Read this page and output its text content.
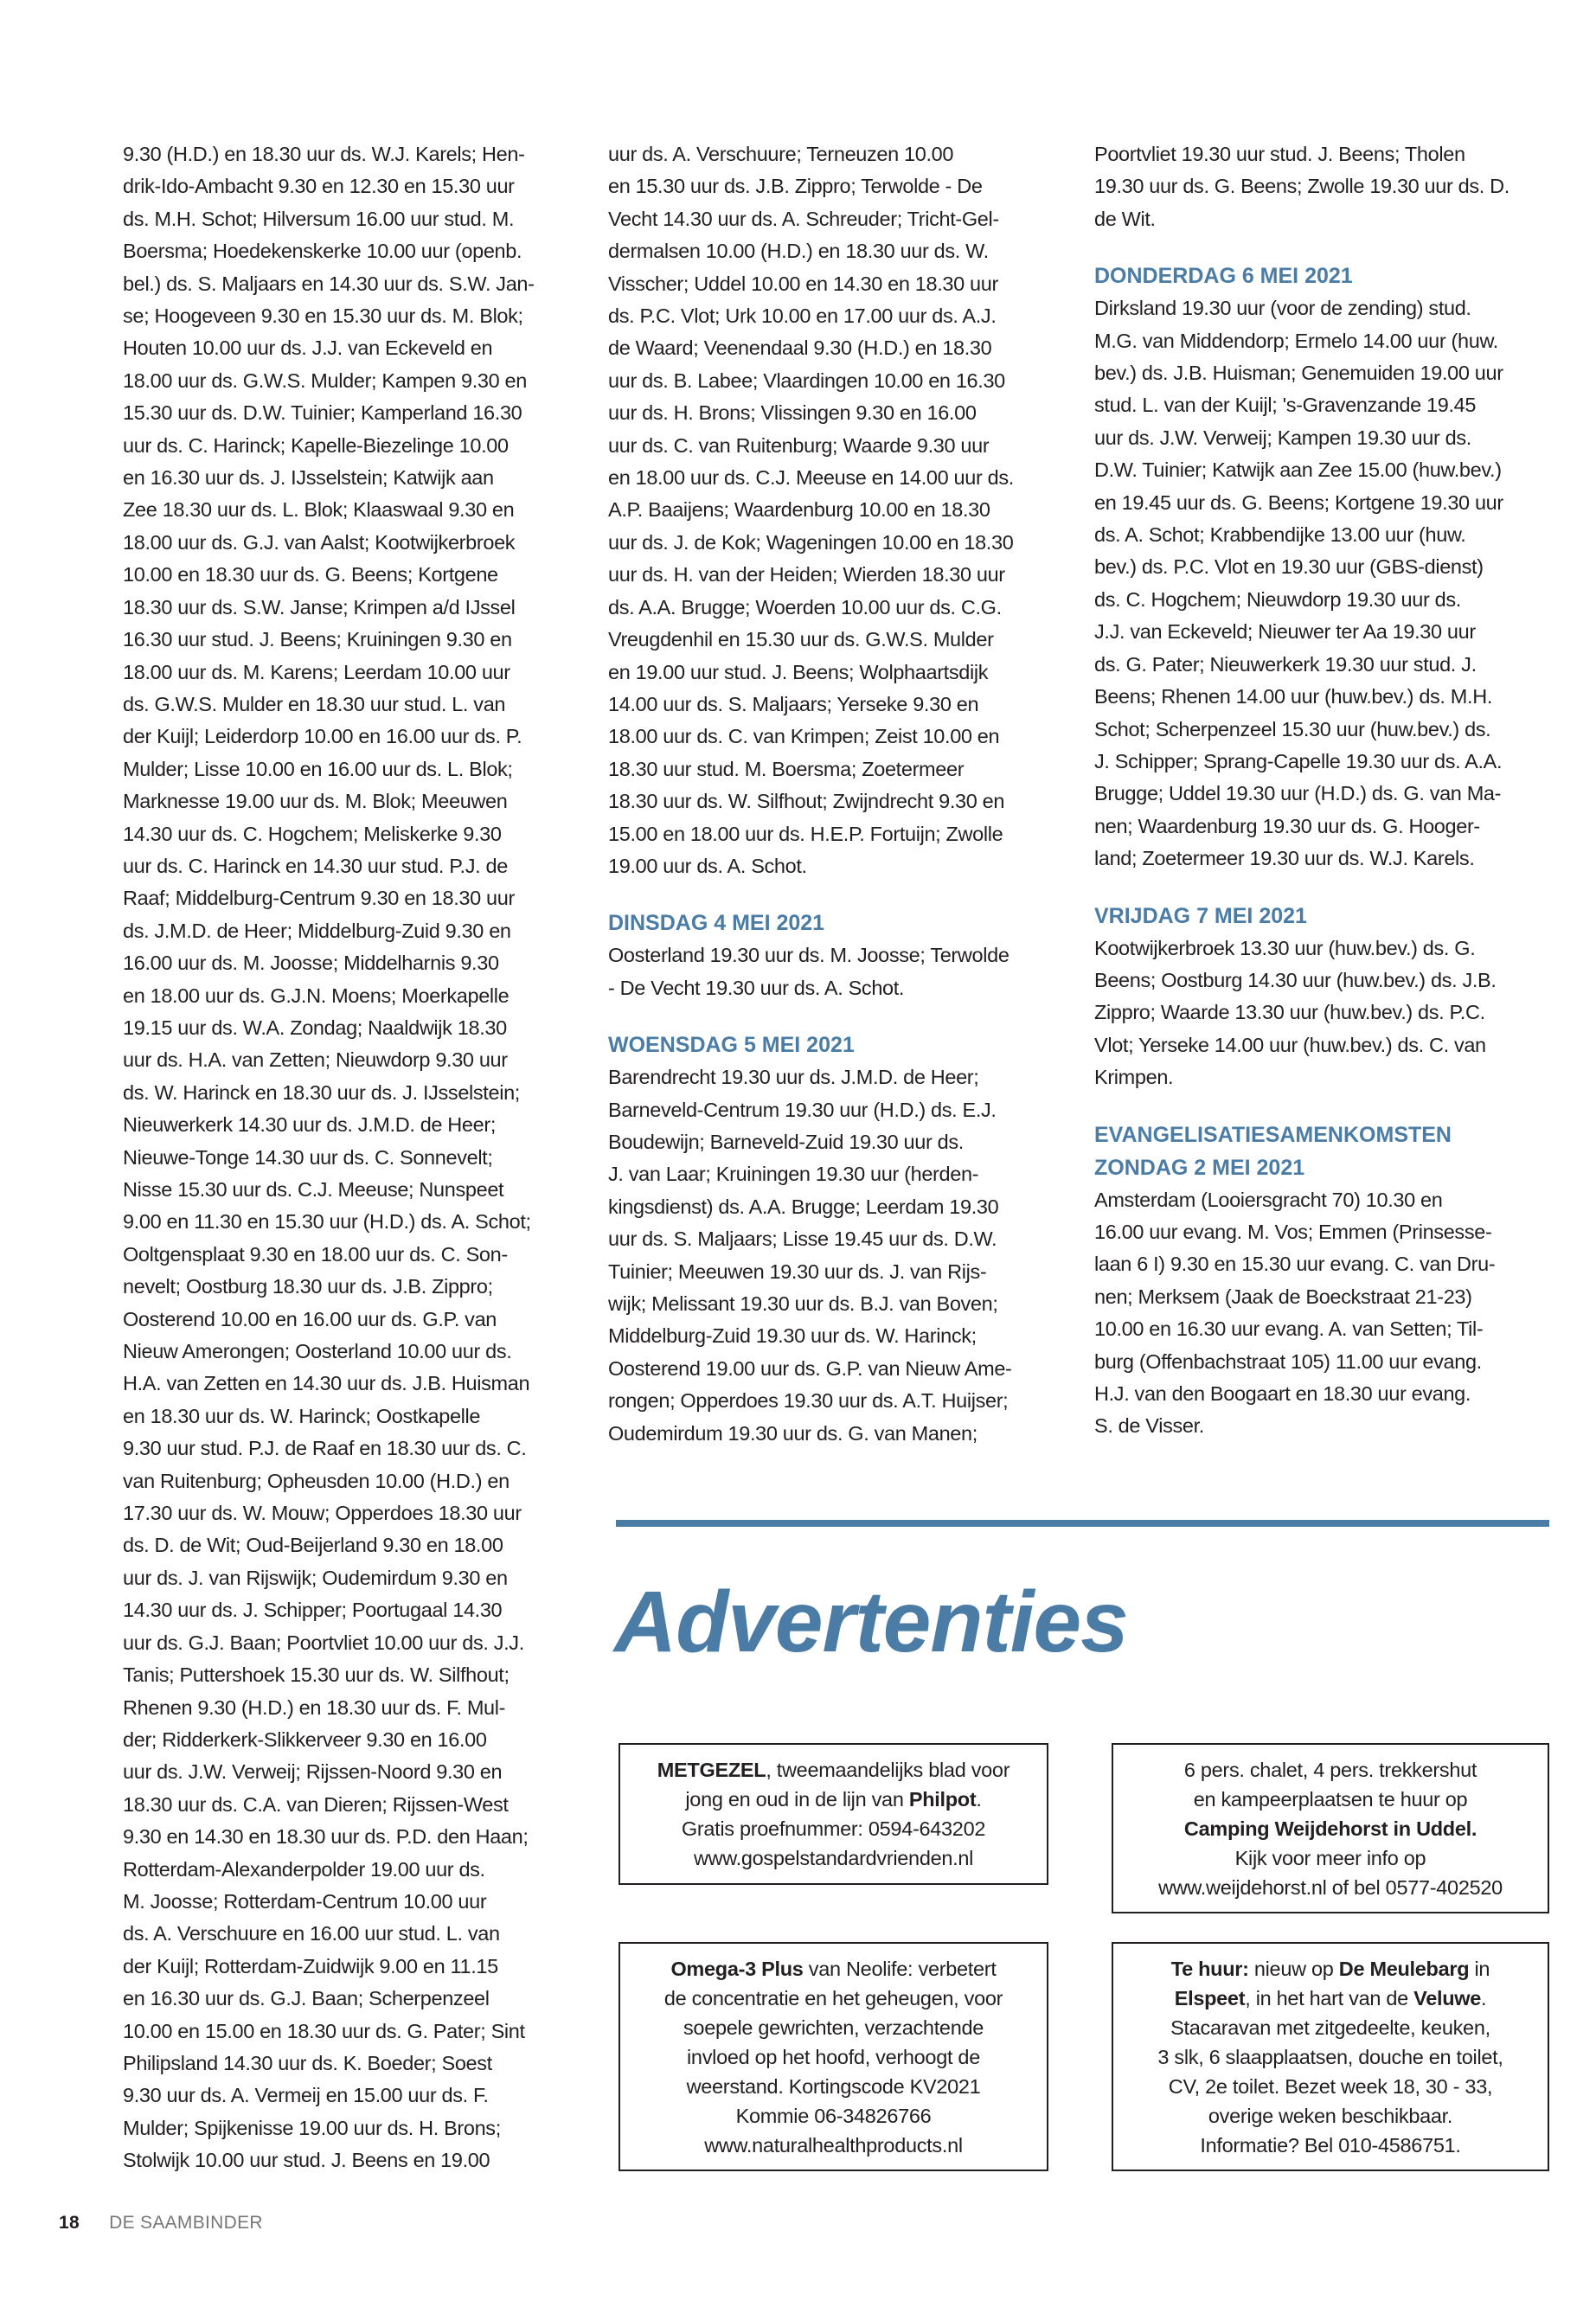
9.30 (H.D.) en 18.30 uur ds. W.J. Karels; Hen-

drik-Ido-Ambacht 9.30 en 12.30 en 15.30 uur

ds. M.H. Schot; Hilversum 16.00 uur stud. M.

Boersma; Hoedekenskerke 10.00 uur (openb.

bel.) ds. S. Maljaars en 14.30 uur ds. S.W. Jan-

se; Hoogeveen 9.30 en 15.30 uur ds. M. Blok;

Houten 10.00 uur ds. J.J. van Eckeveld en

18.00 uur ds. G.W.S. Mulder; Kampen 9.30 en

15.30 uur ds. D.W. Tuinier; Kamperland 16.30

uur ds. C. Harinck; Kapelle-Biezelinge 10.00

en 16.30 uur ds. J. IJsselstein; Katwijk aan

Zee 18.30 uur ds. L. Blok; Klaaswaal 9.30 en

18.00 uur ds. G.J. van Aalst; Kootwijkerbroek

10.00 en 18.30 uur ds. G. Beens; Kortgene

18.30 uur ds. S.W. Janse; Krimpen a/d IJssel

16.30 uur stud. J. Beens; Kruiningen 9.30 en

18.00 uur ds. M. Karens; Leerdam 10.00 uur

ds. G.W.S. Mulder en 18.30 uur stud. L. van

der Kuijl; Leiderdorp 10.00 en 16.00 uur ds. P.

Mulder; Lisse 10.00 en 16.00 uur ds. L. Blok;

Marknesse 19.00 uur ds. M. Blok; Meeuwen

14.30 uur ds. C. Hogchem; Meliskerke 9.30

uur ds. C. Harinck en 14.30 uur stud. P.J. de

Raaf; Middelburg-Centrum 9.30 en 18.30 uur

ds. J.M.D. de Heer; Middelburg-Zuid 9.30 en

16.00 uur ds. M. Joosse; Middelharnis 9.30

en 18.00 uur ds. G.J.N. Moens; Moerkapelle

19.15 uur ds. W.A. Zondag; Naaldwijk 18.30

uur ds. H.A. van Zetten; Nieuwdorp 9.30 uur

ds. W. Harinck en 18.30 uur ds. J. IJsselstein;

Nieuwerkerk 14.30 uur ds. J.M.D. de Heer;

Nieuwe-Tonge 14.30 uur ds. C. Sonnevelt;

Nisse 15.30 uur ds. C.J. Meeuse; Nunspeet

9.00 en 11.30 en 15.30 uur (H.D.) ds. A. Schot;

Ooltgensplaat 9.30 en 18.00 uur ds. C. Son-

nevelt; Oostburg 18.30 uur ds. J.B. Zippro;

Oosterend 10.00 en 16.00 uur ds. G.P. van

Nieuw Amerongen; Oosterland 10.00 uur ds.

H.A. van Zetten en 14.30 uur ds. J.B. Huisman

en 18.30 uur ds. W. Harinck; Oostkapelle

9.30 uur stud. P.J. de Raaf en 18.30 uur ds. C.

van Ruitenburg; Opheusden 10.00 (H.D.) en

17.30 uur ds. W. Mouw; Opperdoes 18.30 uur

ds. D. de Wit; Oud-Beijerland 9.30 en 18.00

uur ds. J. van Rijswijk; Oudemirdum 9.30 en

14.30 uur ds. J. Schipper; Poortugaal 14.30

uur ds. G.J. Baan; Poortvliet 10.00 uur ds. J.J.

Tanis; Puttershoek 15.30 uur ds. W. Silfhout;

Rhenen 9.30 (H.D.) en 18.30 uur ds. F. Mul-

der; Ridderkerk-Slikkerveer 9.30 en 16.00

uur ds. J.W. Verweij; Rijssen-Noord 9.30 en

18.30 uur ds. C.A. van Dieren; Rijssen-West

9.30 en 14.30 en 18.30 uur ds. P.D. den Haan;

Rotterdam-Alexanderpolder 19.00 uur ds.

M. Joosse; Rotterdam-Centrum 10.00 uur

ds. A. Verschuure en 16.00 uur stud. L. van

der Kuijl; Rotterdam-Zuidwijk 9.00 en 11.15

en 16.30 uur ds. G.J. Baan; Scherpenzeel

10.00 en 15.00 en 18.30 uur ds. G. Pater; Sint

Philipsland 14.30 uur ds. K. Boeder; Soest

9.30 uur ds. A. Vermeij en 15.00 uur ds. F.

Mulder; Spijkenisse 19.00 uur ds. H. Brons;

Stolwijk 10.00 uur stud. J. Beens en 19.00

uur ds. A. Verschuure; Terneuzen 10.00

en 15.30 uur ds. J.B. Zippro; Terwolde - De

Vecht 14.30 uur ds. A. Schreuder; Tricht-Gel-

dermalsen 10.00 (H.D.) en 18.30 uur ds. W.

Visscher; Uddel 10.00 en 14.30 en 18.30 uur

ds. P.C. Vlot; Urk 10.00 en 17.00 uur ds. A.J.

de Waard; Veenendaal 9.30 (H.D.) en 18.30

uur ds. B. Labee; Vlaardingen 10.00 en 16.30

uur ds. H. Brons; Vlissingen 9.30 en 16.00

uur ds. C. van Ruitenburg; Waarde 9.30 uur

en 18.00 uur ds. C.J. Meeuse en 14.00 uur ds.

A.P. Baaijens; Waardenburg 10.00 en 18.30

uur ds. J. de Kok; Wageningen 10.00 en 18.30

uur ds. H. van der Heiden; Wierden 18.30 uur

ds. A.A. Brugge; Woerden 10.00 uur ds. C.G.

Vreugdenhil en 15.30 uur ds. G.W.S. Mulder

en 19.00 uur stud. J. Beens; Wolphaartsdijk

14.00 uur ds. S. Maljaars; Yerseke 9.30 en

18.00 uur ds. C. van Krimpen; Zeist 10.00 en

18.30 uur stud. M. Boersma; Zoetermeer

18.30 uur ds. W. Silfhout; Zwijndrecht 9.30 en

15.00 en 18.00 uur ds. H.E.P. Fortuijn; Zwolle

19.00 uur ds. A. Schot.

DINSDAG 4 MEI 2021

Oosterland 19.30 uur ds. M. Joosse; Terwolde

- De Vecht 19.30 uur ds. A. Schot.

WOENSDAG 5 MEI 2021

Barendrecht 19.30 uur ds. J.M.D. de Heer;

Barneveld-Centrum 19.30 uur (H.D.) ds. E.J.

Boudewijn; Barneveld-Zuid 19.30 uur ds.

J. van Laar; Kruiningen 19.30 uur (herden-

kingsdienst) ds. A.A. Brugge; Leerdam 19.30

uur ds. S. Maljaars; Lisse 19.45 uur ds. D.W.

Tuinier; Meeuwen 19.30 uur ds. J. van Rijs-

wijk; Melissant 19.30 uur ds. B.J. van Boven;

Middelburg-Zuid 19.30 uur ds. W. Harinck;

Oosterend 19.00 uur ds. G.P. van Nieuw Ame-

rongen; Opperdoes 19.30 uur ds. A.T. Huijser;

Oudemirdum 19.30 uur ds. G. van Manen;

Poortvliet 19.30 uur stud. J. Beens; Tholen

19.30 uur ds. G. Beens; Zwolle 19.30 uur ds. D.

de Wit.

DONDERDAG 6 MEI 2021

Dirksland 19.30 uur (voor de zending) stud.

M.G. van Middendorp; Ermelo 14.00 uur (huw.

bev.) ds. J.B. Huisman; Genemuiden 19.00 uur

stud. L. van der Kuijl; 's-Gravenzande 19.45

uur ds. J.W. Verweij; Kampen 19.30 uur ds.

D.W. Tuinier; Katwijk aan Zee 15.00 (huw.bev.)

en 19.45 uur ds. G. Beens; Kortgene 19.30 uur

ds. A. Schot; Krabbendijke 13.00 uur (huw.

bev.) ds. P.C. Vlot en 19.30 uur (GBS-dienst)

ds. C. Hogchem; Nieuwdorp 19.30 uur ds.

J.J. van Eckeveld; Nieuwer ter Aa 19.30 uur

ds. G. Pater; Nieuwerkerk 19.30 uur stud. J.

Beens; Rhenen 14.00 uur (huw.bev.) ds. M.H.

Schot; Scherpenzeel 15.30 uur (huw.bev.) ds.

J. Schipper; Sprang-Capelle 19.30 uur ds. A.A.

Brugge; Uddel 19.30 uur (H.D.) ds. G. van Ma-

nen; Waardenburg 19.30 uur ds. G. Hooger-

land; Zoetermeer 19.30 uur ds. W.J. Karels.

VRIJDAG 7 MEI 2021

Kootwijkerbroek 13.30 uur (huw.bev.) ds. G.

Beens; Oostburg 14.30 uur (huw.bev.) ds. J.B.

Zippro; Waarde 13.30 uur (huw.bev.) ds. P.C.

Vlot; Yerseke 14.00 uur (huw.bev.) ds. C. van

Krimpen.

EVANGELISATIESAMENKOMSTEN

ZONDAG 2 MEI 2021

Amsterdam (Looiersgracht 70) 10.30 en

16.00 uur evang. M. Vos; Emmen (Prinsesse-

laan 6 I) 9.30 en 15.30 uur evang. C. van Dru-

nen; Merksem (Jaak de Boeckstraat 21-23)

10.00 en 16.30 uur evang. A. van Setten; Til-

burg (Offenbachstraat 105) 11.00 uur evang.

H.J. van den Boogaart en 18.30 uur evang.

S. de Visser.

Advertenties

METGEZEL, tweemaandelijks blad voor

jong en oud in de lijn van Philpot.

Gratis proefnummer: 0594-643202

www.gospelstandardvrienden.nl

6 pers. chalet, 4 pers. trekkershut

en kampeerplaatsen te huur op

Camping Weijdehorst in Uddel.

Kijk voor meer info op

www.weijdehorst.nl of bel 0577-402520

Omega-3 Plus van Neolife: verbetert

de concentratie en het geheugen, voor

soepele gewrichten, verzachtende

invloed op het hoofd, verhoogt de

weerstand. Kortingscode KV2021

Kommie 06-34826766

www.naturalhealthproducts.nl

Te huur: nieuw op De Meulebarg in

Elspeet, in het hart van de Veluwe.

Stacaravan met zitgedeelte, keuken,

3 slk, 6 slaapplaatsen, douche en toilet,

CV, 2e toilet. Bezet week 18, 30 - 33,

overige weken beschikbaar.

Informatie? Bel 010-4586751.

18 DE SAAMBINDER
